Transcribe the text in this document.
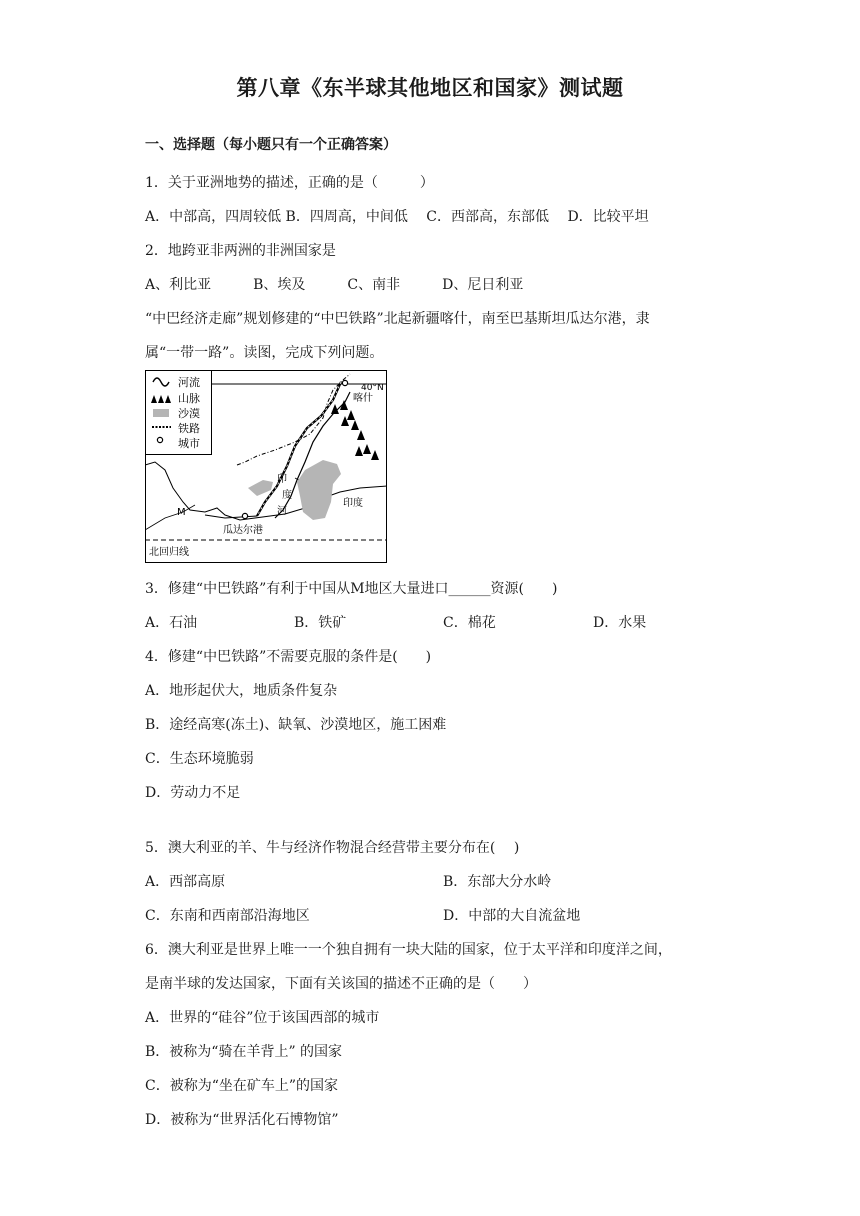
第八章《东半球其他地区和国家》测试题
一、选择题（每小题只有一个正确答案）
1．关于亚洲地势的描述，正确的是（　　　）
A．中部高，四周较低 B．四周高，中间低　 C．西部高，东部低　 D．比较平坦
2．地跨亚非两洲的非洲国家是
A、利比亚　　　B、埃及　　　C、南非　　　D、尼日利亚
“中巴经济走廊”规划修建的“中巴铁路”北起新疆喀什，南至巴基斯坦瓜达尔港，隶
属“一带一路”。读图，完成下列问题。
河流
山脉
沙漠
铁路
城市
40°N
喀什
瓜达尔港
M
印
度
河
印度
北回归线
3．修建“中巴铁路”有利于中国从M地区大量进口______资源(　　)
A．石油	B．铁矿	C．棉花	D．水果
4．修建“中巴铁路”不需要克服的条件是(　　)
A．地形起伏大，地质条件复杂
B．途经高寒(冻土)、缺氧、沙漠地区，施工困难
C．生态环境脆弱
D．劳动力不足
5．澳大利亚的羊、牛与经济作物混合经营带主要分布在(　 )
A．西部高原	B．东部大分水岭
C．东南和西南部沿海地区	D．中部的大自流盆地
6．澳大利亚是世界上唯一一个独自拥有一块大陆的国家，位于太平洋和印度洋之间，
是南半球的发达国家，下面有关该国的描述不正确的是（　　）
A．世界的“硅谷”位于该国西部的城市
B．被称为“骑在羊背上” 的国家
C．被称为“坐在矿车上”的国家
D．被称为“世界活化石博物馆”
